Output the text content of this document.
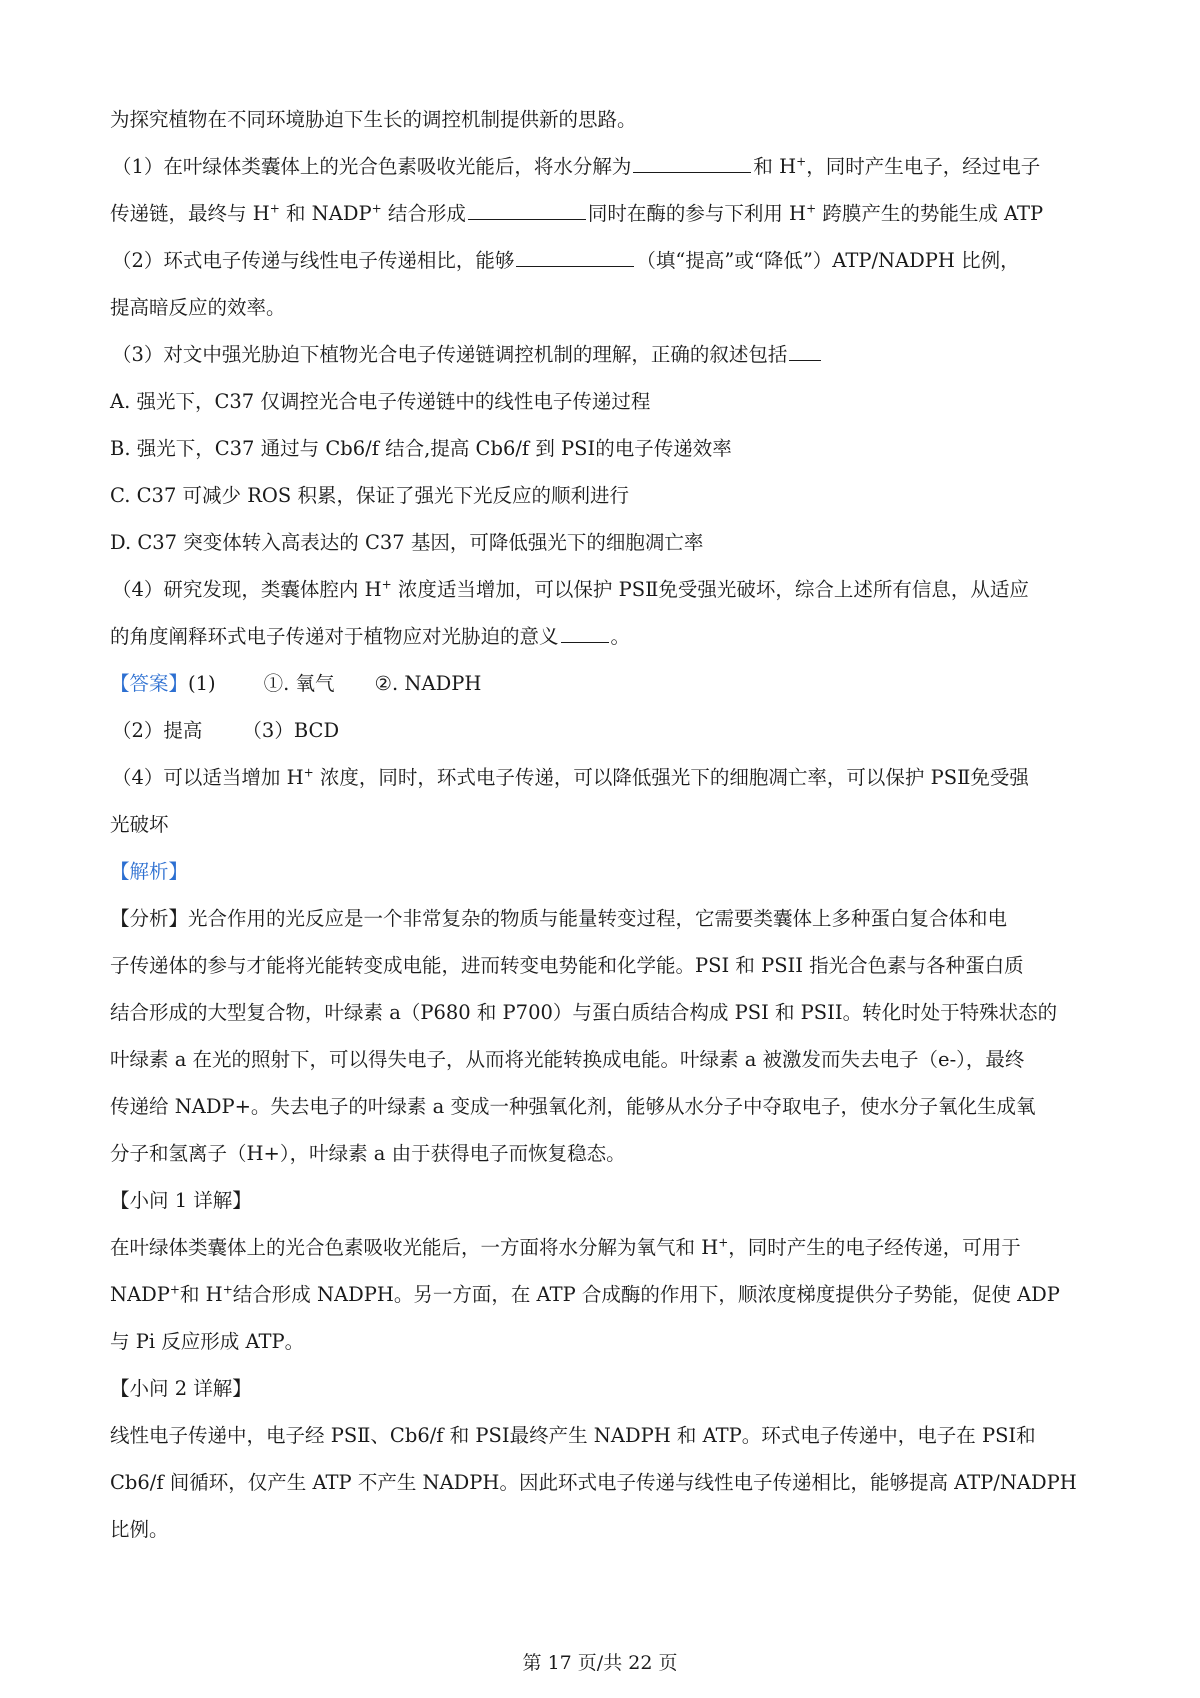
为探究植物在不同环境胁迫下生长的调控机制提供新的思路。

（1）在叶绿体类囊体上的光合色素吸收光能后，将水分解为	和 H+，同时产生电子，经过电子

传递链，最终与 H+ 和 NADP+ 结合形成	同时在酶的参与下利用 H+ 跨膜产生的势能生成 ATP

（2）环式电子传递与线性电子传递相比，能够	（填“提高”或“降低”）ATP/NADPH 比例，

提高暗反应的效率。

（3）对文中强光胁迫下植物光合电子传递链调控机制的理解，正确的叙述包括

A. 强光下，C37 仅调控光合电子传递链中的线性电子传递过程

B. 强光下，C37 通过与 Cb6/f 结合,提高 Cb6/f 到 PSⅠ的电子传递效率

C. C37 可减少 ROS 积累，保证了强光下光反应的顺利进行

D. C37 突变体转入高表达的 C37 基因，可降低强光下的细胞凋亡率

（4）研究发现，类囊体腔内 H+ 浓度适当增加，可以保护 PSⅡ免受强光破坏，综合上述所有信息，从适应

的角度阐释环式电子传递对于植物应对光胁迫的意义	。

【答案】(1) ①. 氧气 ②. NADPH

（2）提高 （3）BCD

（4）可以适当增加 H+ 浓度，同时，环式电子传递，可以降低强光下的细胞凋亡率，可以保护 PSⅡ免受强

光破坏

【解析】

【分析】光合作用的光反应是一个非常复杂的物质与能量转变过程，它需要类囊体上多种蛋白复合体和电

子传递体的参与才能将光能转变成电能，进而转变电势能和化学能。PSI 和 PSII 指光合色素与各种蛋白质

结合形成的大型复合物，叶绿素 a（P680 和 P700）与蛋白质结合构成 PSI 和 PSII。转化时处于特殊状态的

叶绿素 a 在光的照射下，可以得失电子，从而将光能转换成电能。叶绿素 a 被激发而失去电子（e-），最终

传递给 NADP+。失去电子的叶绿素 a 变成一种强氧化剂，能够从水分子中夺取电子，使水分子氧化生成氧

分子和氢离子（H+），叶绿素 a 由于获得电子而恢复稳态。

【小问 1 详解】

在叶绿体类囊体上的光合色素吸收光能后，一方面将水分解为氧气和 H+，同时产生的电子经传递，可用于

NADP+和 H+结合形成 NADPH。另一方面，在 ATP 合成酶的作用下，顺浓度梯度提供分子势能，促使 ADP

与 Pi 反应形成 ATP。

【小问 2 详解】

线性电子传递中，电子经 PSⅡ、Cb6/f 和 PSⅠ最终产生 NADPH 和 ATP。环式电子传递中，电子在 PSⅠ和

Cb6/f 间循环，仅产生 ATP 不产生 NADPH。因此环式电子传递与线性电子传递相比，能够提高 ATP/NADPH

比例。

第 17 页/共 22 页
